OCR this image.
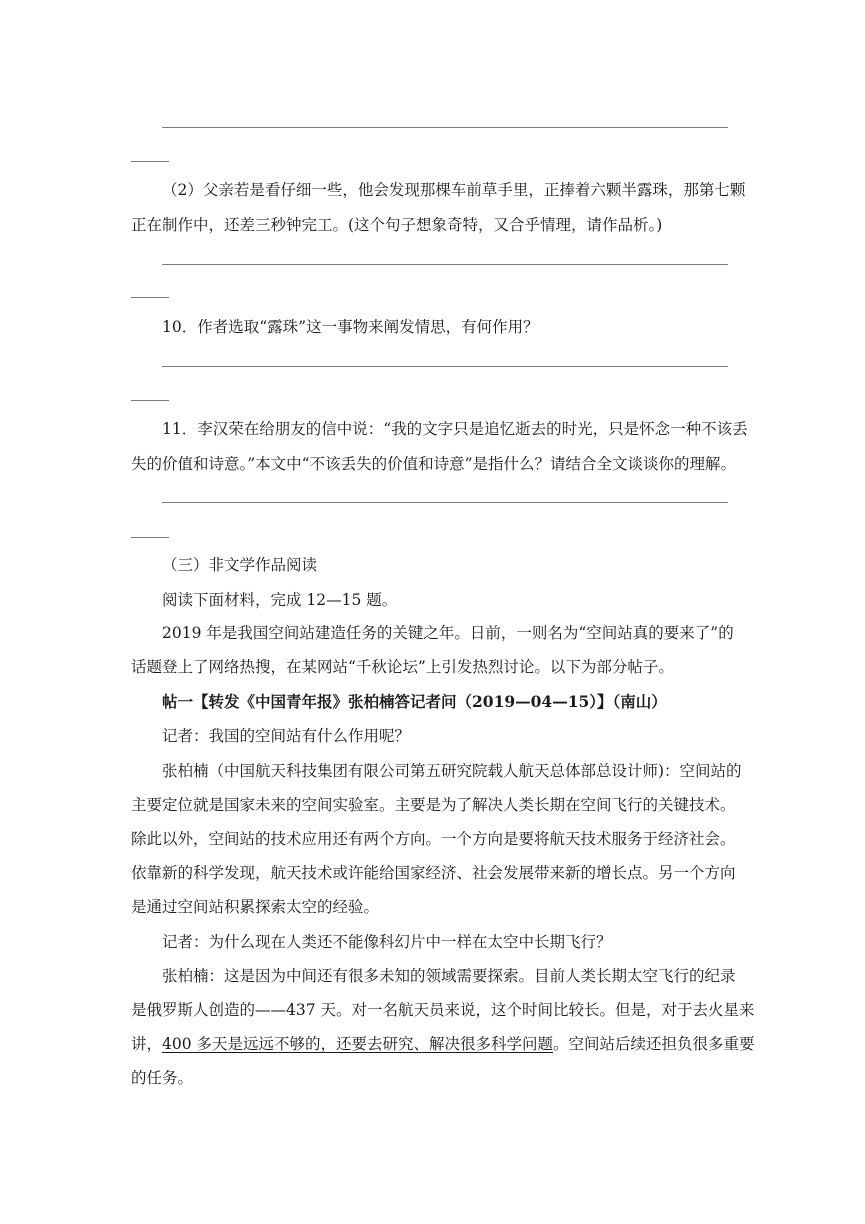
（2）父亲若是看仔细一些，他会发现那棵车前草手里，正捧着六颗半露珠，那第七颗
正在制作中，还差三秒钟完工。(这个句子想象奇特，又合乎情理，请作品析。)
10．作者选取“露珠”这一事物来阐发情思，有何作用？
11．李汉荣在给朋友的信中说：“我的文字只是追忆逝去的时光，只是怀念一种不该丢
失的价值和诗意。”本文中“不该丢失的价值和诗意”是指什么？请结合全文谈谈你的理解。
（三）非文学作品阅读
阅读下面材料，完成 12—15 题。
2019 年是我国空间站建造任务的关键之年。日前，一则名为“空间站真的要来了”的
话题登上了网络热搜，在某网站“千秋论坛”上引发热烈讨论。以下为部分帖子。
帖一【转发《中国青年报》张柏楠答记者问（2019—04—15）】（南山）
记者：我国的空间站有什么作用呢？
张柏楠（中国航天科技集团有限公司第五研究院载人航天总体部总设计师)：空间站的
主要定位就是国家未来的空间实验室。主要是为了解决人类长期在空间飞行的关键技术。
除此以外，空间站的技术应用还有两个方向。一个方向是要将航天技术服务于经济社会。
依靠新的科学发现，航天技术或许能给国家经济、社会发展带来新的增长点。另一个方向
是通过空间站积累探索太空的经验。
记者：为什么现在人类还不能像科幻片中一样在太空中长期飞行？
张柏楠：这是因为中间还有很多未知的领域需要探索。目前人类长期太空飞行的纪录
是俄罗斯人创造的——437 天。对一名航天员来说，这个时间比较长。但是，对于去火星来
讲，400 多天是远远不够的，还要去研究、解决很多科学问题。空间站后续还担负很多重要
的任务。
